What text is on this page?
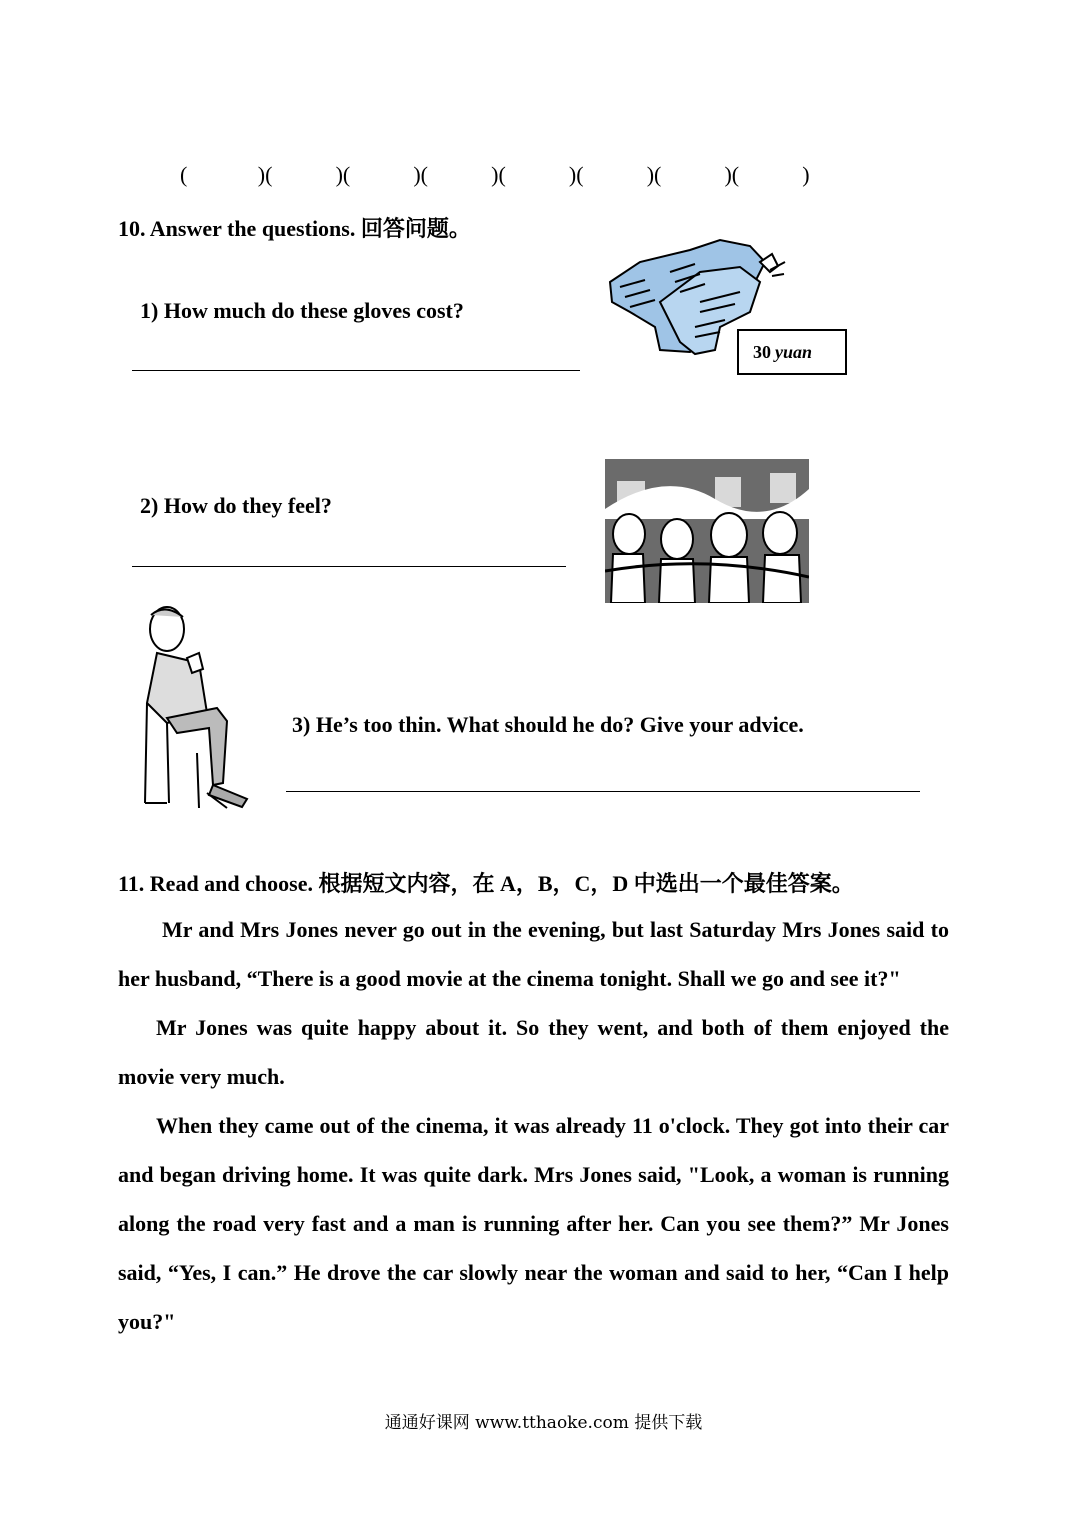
(	)(	)(	)(	)(	)(	)(	)(	)
10. Answer the questions. 回答问题。
1) How much do these gloves cost?
30 yuan
2) How do they feel?
3) He’s too thin. What should he do? Give your advice.
11. Read and choose. 根据短文内容，在 A，B，C，D 中选出一个最佳答案。

Mr and Mrs Jones never go out in the evening, but last Saturday Mrs Jones said to her husband, “There is a good movie at the cinema tonight. Shall we go and see it?"

Mr Jones was quite happy about it. So they went, and both of them enjoyed the movie very much.

When they came out of the cinema, it was already 11 o'clock. They got into their car and began driving home. It was quite dark. Mrs Jones said, "Look, a woman is running along the road very fast and a man is running after her. Can you see them?” Mr Jones said, “Yes, I can.” He drove the car slowly near the woman and said to her, “Can I help you?"

通通好课网 www.tthaoke.com 提供下载
